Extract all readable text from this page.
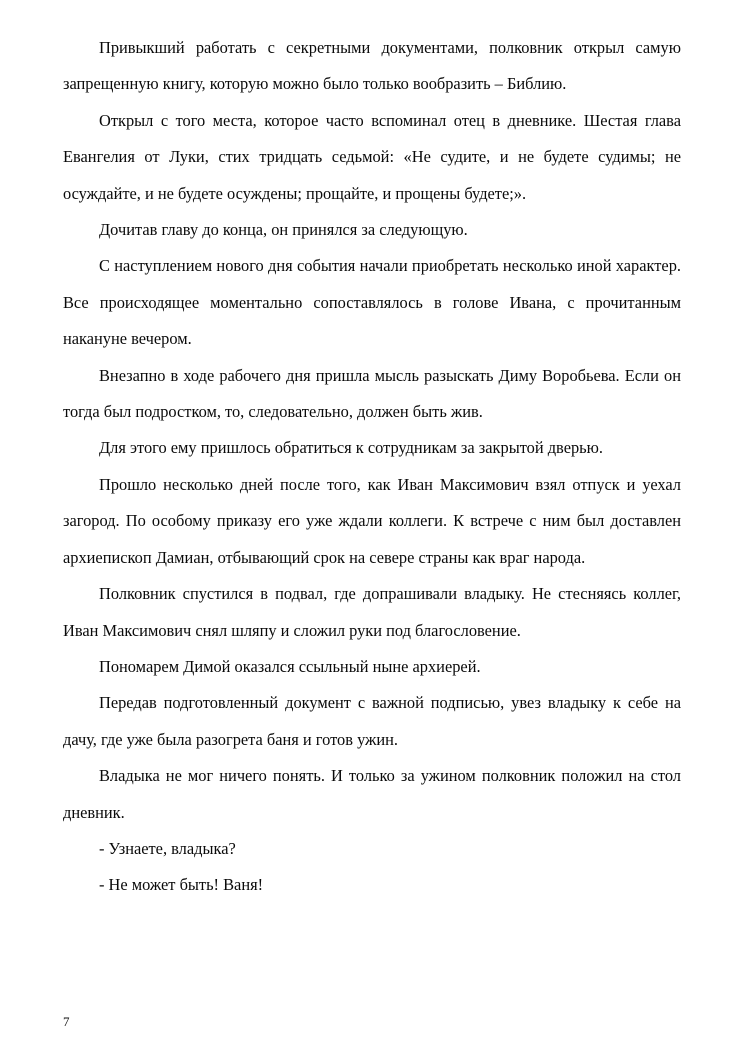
Привыкший работать с секретными документами, полковник открыл самую запрещенную книгу, которую можно было только вообразить – Библию.

Открыл с того места, которое часто вспоминал отец в дневнике. Шестая глава Евангелия от Луки, стих тридцать седьмой: «Не судите, и не будете судимы; не осуждайте, и не будете осуждены; прощайте, и прощены будете;».

Дочитав главу до конца, он принялся за следующую.

С наступлением нового дня события начали приобретать несколько иной характер. Все происходящее моментально сопоставлялось в голове Ивана, с прочитанным накануне вечером.

Внезапно в ходе рабочего дня пришла мысль разыскать Диму Воробьева. Если он тогда был подростком, то, следовательно, должен быть жив.

Для этого ему пришлось обратиться к сотрудникам за закрытой дверью.

Прошло несколько дней после того, как Иван Максимович взял отпуск и уехал загород. По особому приказу его уже ждали коллеги. К встрече с ним был доставлен архиепископ Дамиан, отбывающий срок на севере страны как враг народа.

Полковник спустился в подвал, где допрашивали владыку. Не стесняясь коллег, Иван Максимович снял шляпу и сложил руки под благословение.

Пономарем Димой оказался ссыльный ныне архиерей.

Передав подготовленный документ с важной подписью, увез владыку к себе на дачу, где уже была разогрета баня и готов ужин.

Владыка не мог ничего понять. И только за ужином полковник положил на стол дневник.

- Узнаете, владыка?

- Не может быть! Ваня!

7
